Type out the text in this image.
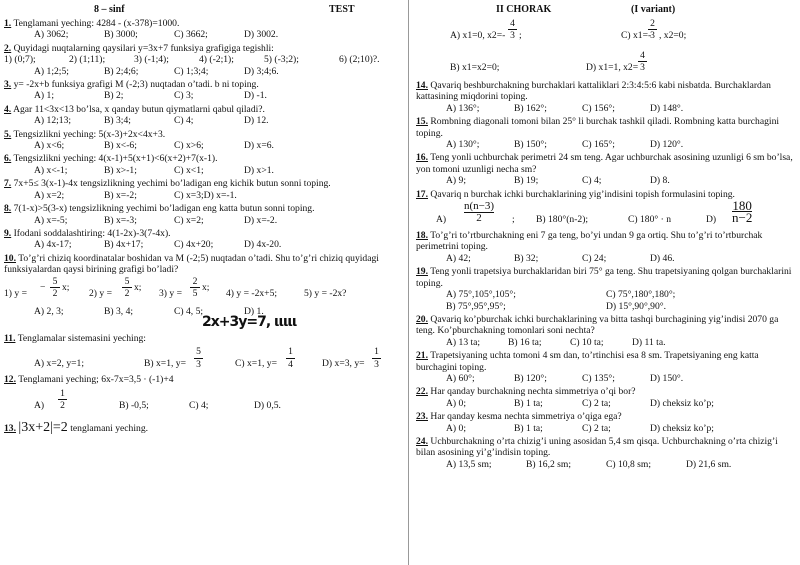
8 – sinf	TEST
1. Tenglamani yeching: 4284 - (x-378)=1000.
A) 3062;	B) 3000;	C) 3662;	D) 3002.
2. Quyidagi nuqtalarning qaysilari y=3x+7 funksiya grafigiga tegishli:
1) (0;7);	2) (1;11);	3) (-1;4);	4) (-2;1);	5) (-3;2);	6) (2;10)?.
A) 1;2;5;	B) 2;4;6;	C) 1;3;4;	D) 3;4;6.
3. y= -2x+b funksiya grafigi M (-2;3) nuqtadan o’tadi. b ni toping.
A) 1;	B) 2;	C) 3;	D) -1.
4. Agar 11<3x<13 bo’lsa, x qanday butun qiymatlarni qabul qiladi?.
A) 12;13;	B) 3;4;	C) 4;	D) 12.
5. Tengsizlikni yeching: 5(x-3)+2x<4x+3.
A) x<6;	B) x<-6;	C) x>6;	D) x=6.
6. Tengsizlikni yeching: 4(x-1)+5(x+1)<6(x+2)+7(x-1).
A) x<-1;	B) x>-1;	C) x<1;	D) x>1.
7. 7x+5≤ 3(x-1)-4x tengsizlikning yechimi bo’ladigan eng kichik butun sonni toping.
A) x=2;	B) x=-2;	C) x=3;D) x=-1.
8. 7(1-x)>5(3-x) tengsizlikning yechimi bo’ladigan eng katta butun sonni toping.
A) x=-5;	B) x=-3;	C) x=2;	D) x=-2.
9. Ifodani soddalashtiring: 4(1-2x)-3(7-4x).
A) 4x-17;	B) 4x+17;	C) 4x+20;	D) 4x-20.
10. To’g’ri chiziq koordinatalar boshidan va M (-2;5) nuqtadan o’tadi. Shu to’g’ri chiziq quyidagi funksiyalardan qaysi birining grafigi bo’ladi?
1) y =
−
5
2
x;
2) y =
5
2
x;
3) y =
2
5
x;
4) y = -2x+5;	5) y = -2x?
A) 2, 3;	B) 3, 4;	C) 4, 5;	D) 1.
2x+3y=7, ιιιιι
11. Tenglamalar sistemasini yeching:
A) x=2, y=1;	B) x=1, y=
5
3	C) x=1, y=
1
4	D) x=3, y=
1
3
12. Tenglamani yeching; 6x-7x=3,5 · (-1)+4
A)
1
2	B) -0,5;	C) 4;	D) 0,5.
13. |3x+2|=2 tenglamani yeching.
II CHORAK	(I variant)
A) x1=0, x2=-
4
3 ;	C) x1=-
2
3 , x2=0;
B) x1=x2=0;	D) x1=1, x2=
4
3
14. Qavariq beshburchakning burchaklari kattaliklari 2:3:4:5:6 kabi nisbatda. Burchaklardan kattasining miqdorini toping.
A) 136°;	B) 162°;	C) 156°;	D) 148°.
15. Rombning diagonali tomoni bilan 25° li burchak tashkil qiladi. Rombning katta burchagini toping.
A) 130°;	B) 150°;	C) 165°;	D) 120°.
16. Teng yonli uchburchak perimetri 24 sm teng. Agar uchburchak asosining uzunligi 6 sm bo’lsa, yon tomoni uzunligi necha sm?
A) 9;	B) 19;	C) 4;	D) 8.
17. Qavariq n burchak ichki burchaklarining yig’indisini topish formulasini toping.
A)
n(n−3)
2	; B) 180°(n-2);	C) 180° · n	D)
180
n−2
18. To’g’ri to’rtburchakning eni 7 ga teng, bo’yi undan 9 ga ortiq. Shu to’g’ri to’rtburchak perimetrini toping.
A) 42;	B) 32;	C) 24;	D) 46.
19. Teng yonli trapetsiya burchaklaridan biri 75° ga teng. Shu trapetsiyaning qolgan burchaklarini toping.
A) 75°,105°,105°;	C) 75°,180°,180°;
B) 75°,95°,95°;	D) 15°,90°,90°.
20. Qavariq ko’pburchak ichki burchaklarining va bitta tashqi burchagining yig’indisi 2070 ga teng. Ko’pburchakning tomonlari soni nechta?
A) 13 ta;	B) 16 ta;	C) 10 ta;	D) 11 ta.
21. Trapetsiyaning uchta tomoni 4 sm dan, to’rtinchisi esa 8 sm. Trapetsiyaning eng katta burchagini toping.
A) 60°;	B) 120°;	C) 135°;	D) 150°.
22. Har qanday burchakning nechta simmetriya o’qi bor?
A) 0;	B) 1 ta;	C) 2 ta;	D) cheksiz ko’p;
23. Har qanday kesma nechta simmetriya o’qiga ega?
A) 0;	B) 1 ta;	C) 2 ta;	D) cheksiz ko’p;
24. Uchburchakning o’rta chizig’i uning asosidan 5,4 sm qisqa. Uchburchakning o’rta chizig’i bilan asosining yi’g’indisin toping.
A) 13,5 sm;	B) 16,2 sm;	C) 10,8 sm;	D) 21,6 sm.
